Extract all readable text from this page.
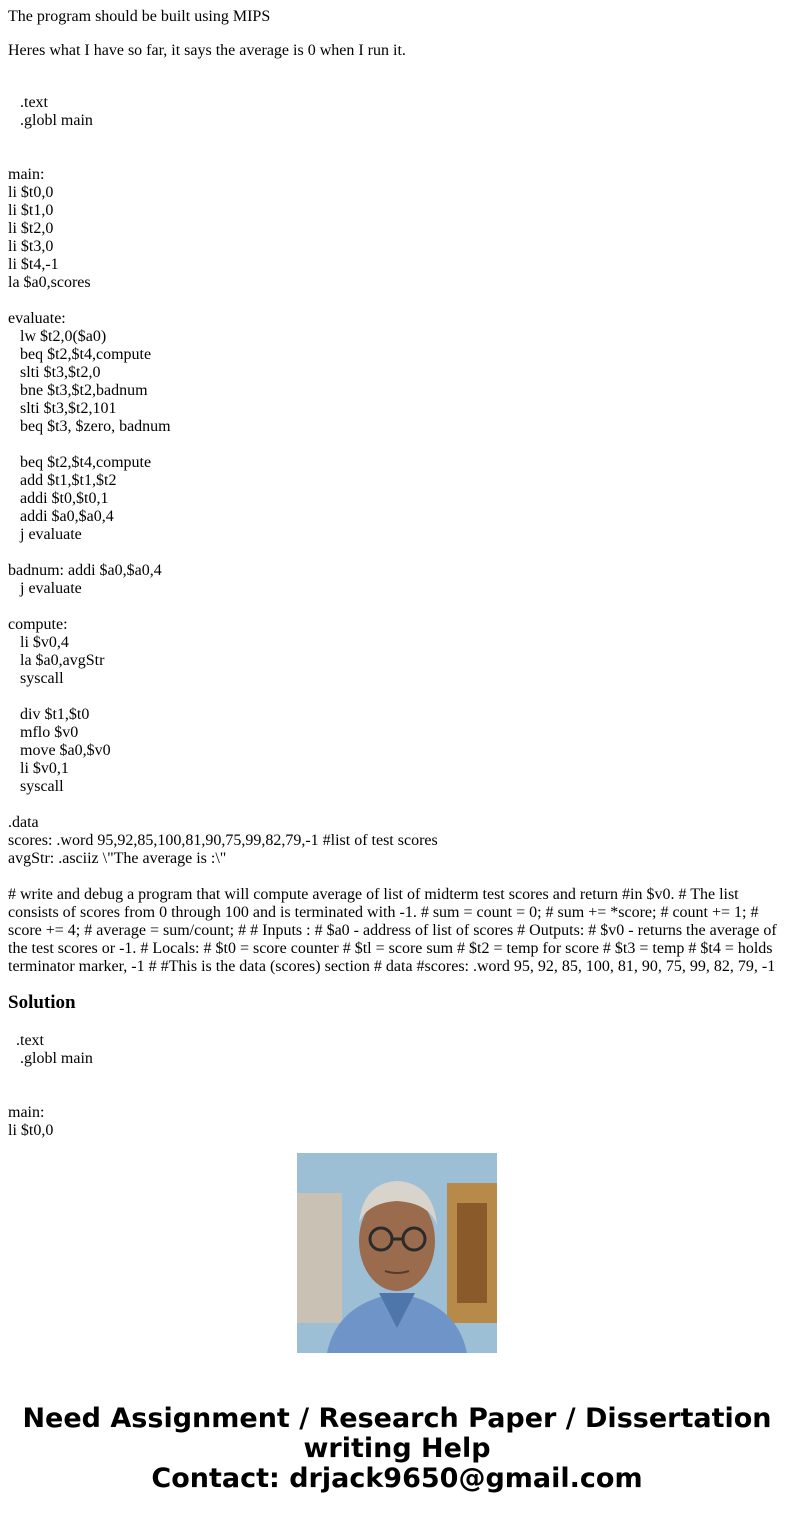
The program should be built using MIPS

Heres what I have so far, it says the average is 0 when I run it.

.text
.globl main
main:
li $t0,0
li $t1,0
li $t2,0
li $t3,0
li $t4,-1
la $a0,scores
evaluate:
lw $t2,0($a0)
beq $t2,$t4,compute
slti $t3,$t2,0
bne $t3,$t2,badnum
slti $t3,$t2,101
beq $t3, $zero, badnum
beq $t2,$t4,compute
add $t1,$t1,$t2
addi $t0,$t0,1
addi $a0,$a0,4
j evaluate
badnum: addi $a0,$a0,4
j evaluate
compute:
li $v0,4
la $a0,avgStr
syscall
div $t1,$t0
mflo $v0
move $a0,$v0
li $v0,1
syscall
.data
scores: .word 95,92,85,100,81,90,75,99,82,79,-1 #list of test scores
avgStr: .asciiz \"The average is :\"

# write and debug a program that will compute average of list of midterm test scores and return #in $v0. # The list consists of scores from 0 through 100 and is terminated with -1. # sum = count = 0; # sum += *score; # count += 1; # score += 4; # average = sum/count; # # Inputs : # $a0 - address of list of scores # Outputs: # $v0 - returns the average of the test scores or -1. # Locals: # $t0 = score counter # $tl = score sum # $t2 = temp for score # $t3 = temp # $t4 = holds terminator marker, -1 # #This is the data (scores) section # data #scores: .word 95, 92, 85, 100, 81, 90, 75, 99, 82, 79, -1

Solution
.text
.globl main
main:
li $t0,0
Need Assignment / Research Paper / Dissertation
writing Help
Contact: drjack9650@gmail.com
